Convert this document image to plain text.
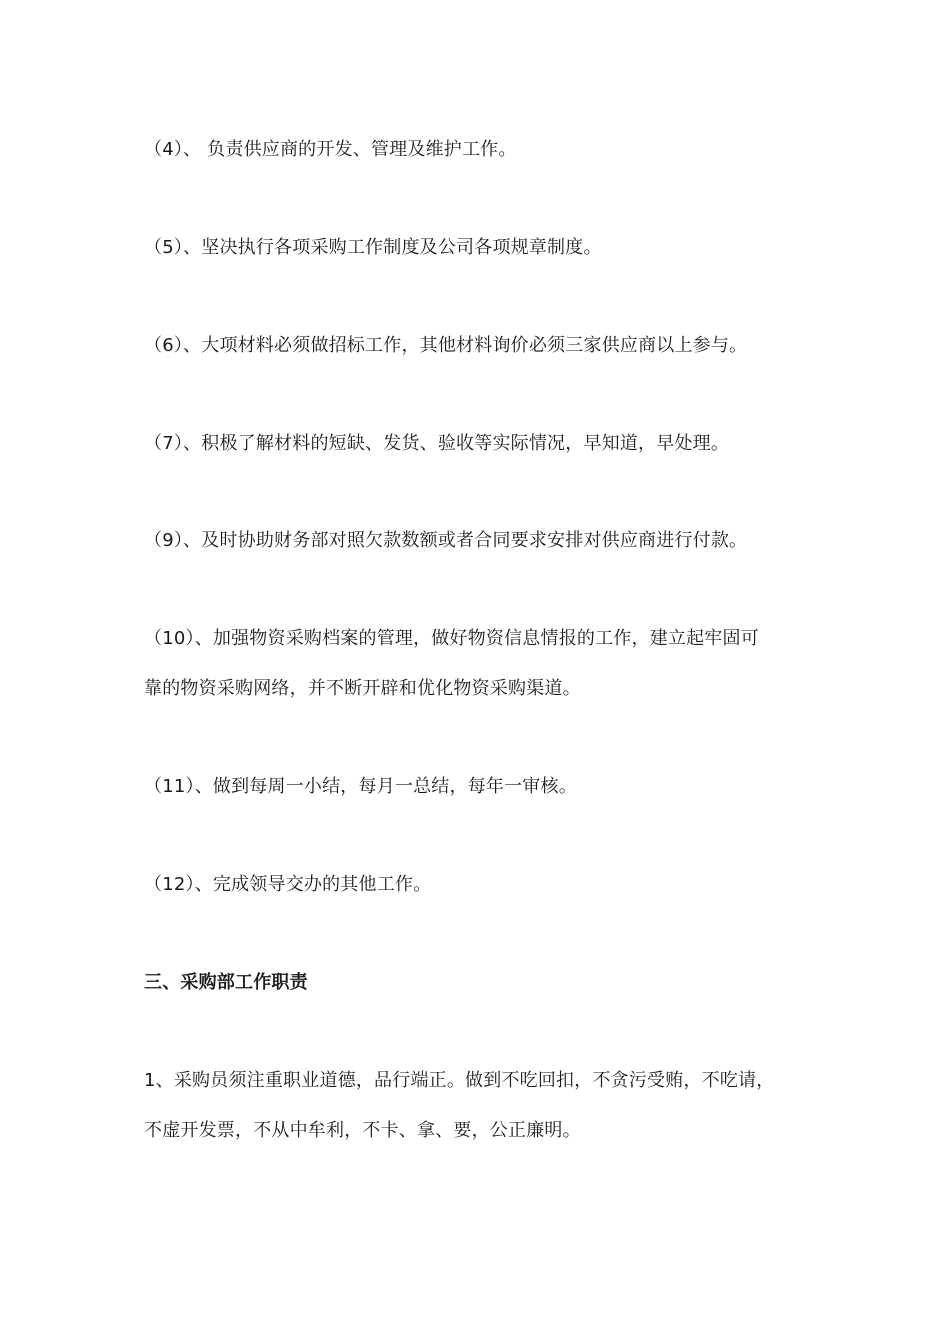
（4）、 负责供应商的开发、管理及维护工作。
（5）、坚决执行各项采购工作制度及公司各项规章制度。
（6）、大项材料必须做招标工作，其他材料询价必须三家供应商以上参与。
（7）、积极了解材料的短缺、发货、验收等实际情况，早知道，早处理。
（9）、及时协助财务部对照欠款数额或者合同要求安排对供应商进行付款。
（10）、加强物资采购档案的管理，做好物资信息情报的工作，建立起牢固可
靠的物资采购网络，并不断开辟和优化物资采购渠道。
（11）、做到每周一小结，每月一总结，每年一审核。
（12）、完成领导交办的其他工作。
三、采购部工作职责
1、采购员须注重职业道德，品行端正。做到不吃回扣，不贪污受贿，不吃请，
不虚开发票，不从中牟利，不卡、拿、要，公正廉明。
